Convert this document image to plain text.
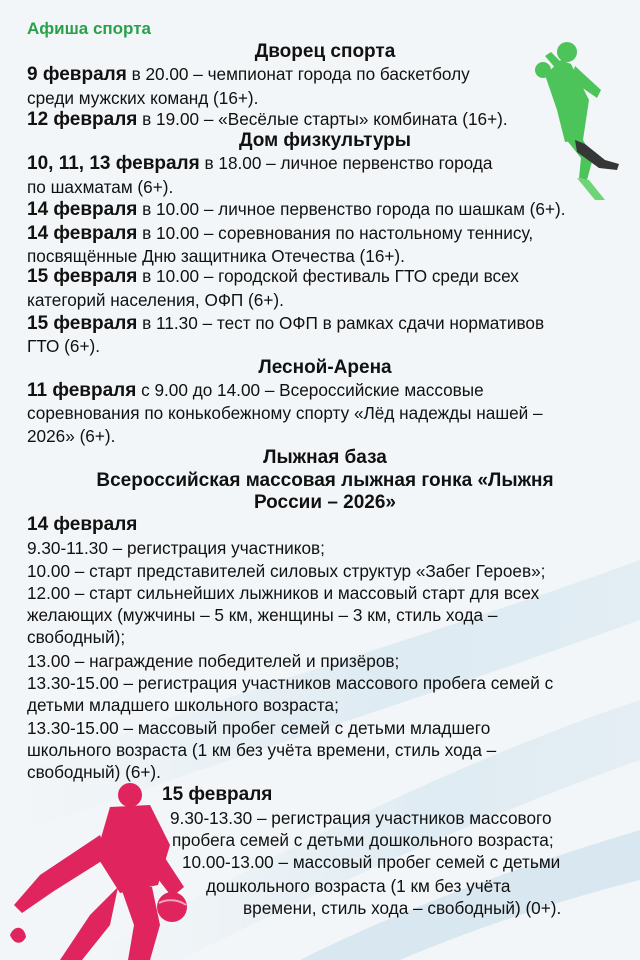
Афиша спорта
Дворец спорта
9 февраля в 20.00 – чемпионат города по баскетболу
среди мужских команд (16+).
12 февраля в 19.00 – «Весёлые старты» комбината (16+).
Дом физкультуры
10, 11, 13 февраля в 18.00 – личное первенство города
по шахматам (6+).
14 февраля в 10.00 – личное первенство города по шашкам (6+).
14 февраля в 10.00 – соревнования по настольному теннису,
посвящённые Дню защитника Отечества (16+).
15 февраля в 10.00 – городской фестиваль ГТО среди всех
категорий населения, ОФП (6+).
15 февраля в 11.30 – тест по ОФП в рамках сдачи нормативов
ГТО (6+).
Лесной-Арена
11 февраля с 9.00 до 14.00 – Всероссийские массовые
соревнования по конькобежному спорту «Лёд надежды нашей –
2026» (6+).
Лыжная база
Всероссийская массовая лыжная гонка «Лыжня
России – 2026»
14 февраля
9.30-11.30 – регистрация участников;
10.00 – старт представителей силовых структур «Забег Героев»;
12.00 – старт сильнейших лыжников и массовый старт для всех
желающих (мужчины – 5 км, женщины – 3 км, стиль хода –
свободный);
13.00 – награждение победителей и призёров;
13.30-15.00 – регистрация участников массового пробега семей с
детьми младшего школьного возраста;
13.30-15.00 – массовый пробег семей с детьми младшего
школьного возраста (1 км без учёта времени, стиль хода –
свободный) (6+).
15 февраля
9.30-13.30 – регистрация участников массового
пробега семей с детьми дошкольного возраста;
10.00-13.00 – массовый пробег семей с детьми
дошкольного возраста (1 км без учёта
времени, стиль хода – свободный) (0+).
